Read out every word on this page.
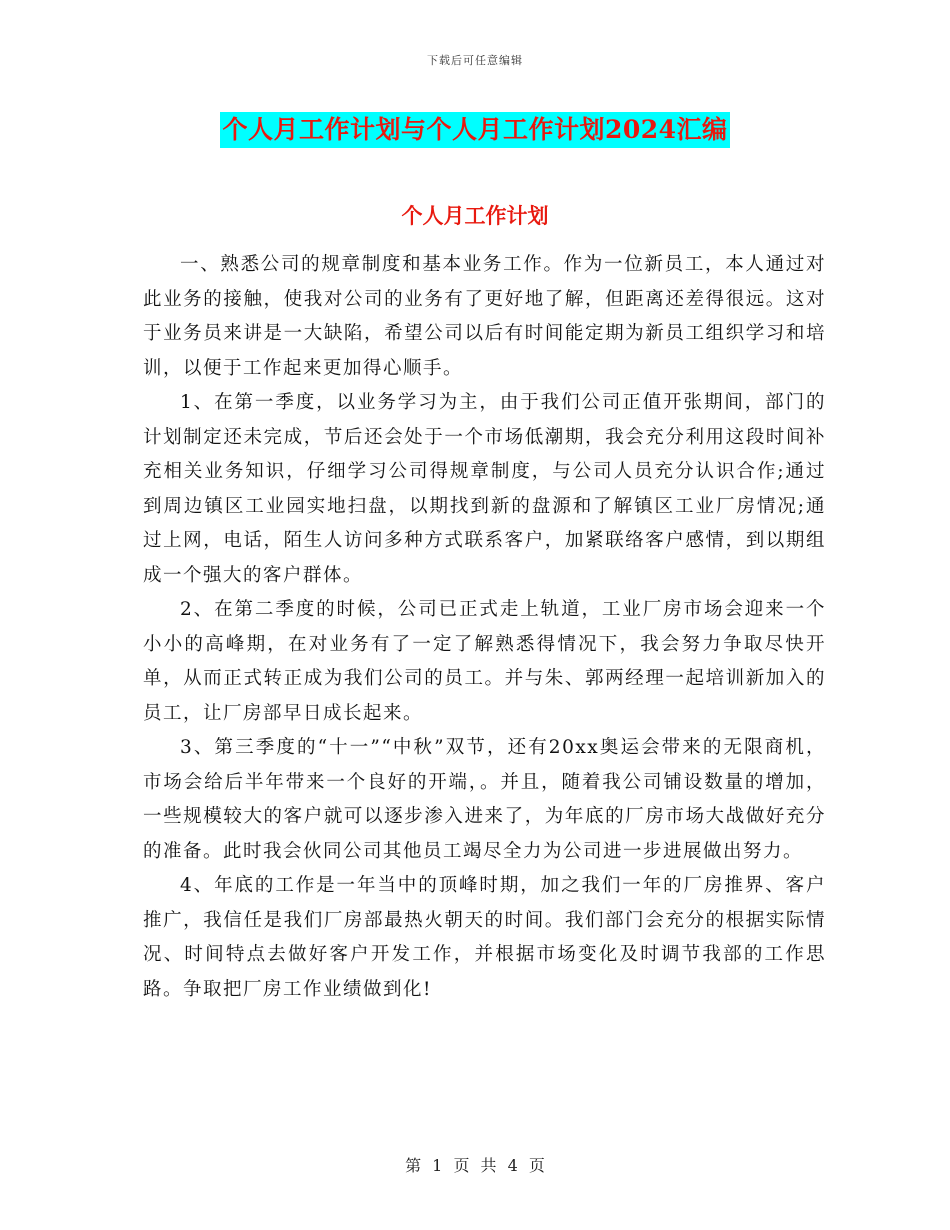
下载后可任意编辑
个人月工作计划与个人月工作计划2024汇编
个人月工作计划

一、熟悉公司的规章制度和基本业务工作。作为一位新员工，本人通过对此业务的接触，使我对公司的业务有了更好地了解，但距离还差得很远。这对于业务员来讲是一大缺陷，希望公司以后有时间能定期为新员工组织学习和培训，以便于工作起来更加得心顺手。

1、在第一季度，以业务学习为主，由于我们公司正值开张期间，部门的计划制定还未完成，节后还会处于一个市场低潮期，我会充分利用这段时间补充相关业务知识，仔细学习公司得规章制度，与公司人员充分认识合作;通过到周边镇区工业园实地扫盘，以期找到新的盘源和了解镇区工业厂房情况;通过上网，电话，陌生人访问多种方式联系客户，加紧联络客户感情，到以期组成一个强大的客户群体。

2、在第二季度的时候，公司已正式走上轨道，工业厂房市场会迎来一个小小的高峰期，在对业务有了一定了解熟悉得情况下，我会努力争取尽快开单，从而正式转正成为我们公司的员工。并与朱、郭两经理一起培训新加入的员工，让厂房部早日成长起来。

3、第三季度的“十一”“中秋”双节，还有20xx奥运会带来的无限商机，市场会给后半年带来一个良好的开端，。并且，随着我公司铺设数量的增加，一些规模较大的客户就可以逐步渗入进来了，为年底的厂房市场大战做好充分的准备。此时我会伙同公司其他员工竭尽全力为公司进一步进展做出努力。

4、年底的工作是一年当中的顶峰时期，加之我们一年的厂房推界、客户推广，我信任是我们厂房部最热火朝天的时间。我们部门会充分的根据实际情况、时间特点去做好客户开发工作，并根据市场变化及时调节我部的工作思路。争取把厂房工作业绩做到化!

第 1 页 共 4 页
